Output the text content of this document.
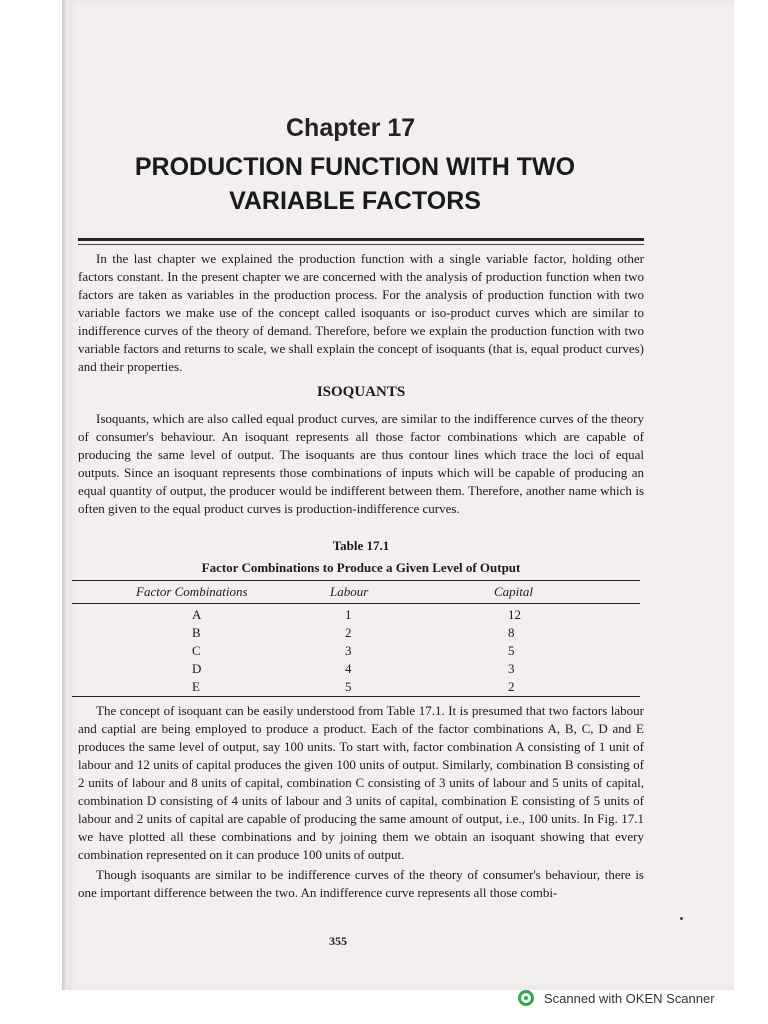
Chapter 17
PRODUCTION FUNCTION WITH TWO VARIABLE FACTORS

In the last chapter we explained the production function with a single variable factor, holding other factors constant. In the present chapter we are concerned with the analysis of production function when two factors are taken as variables in the production process. For the analysis of production function with two variable factors we make use of the concept called isoquants or iso-product curves which are similar to indifference curves of the theory of demand. Therefore, before we explain the production function with two variable factors and returns to scale, we shall explain the concept of isoquants (that is, equal product curves) and their properties.

ISOQUANTS

Isoquants, which are also called equal product curves, are similar to the indifference curves of the theory of consumer's behaviour. An isoquant represents all those factor combinations which are capable of producing the same level of output. The isoquants are thus contour lines which trace the loci of equal outputs. Since an isoquant represents those combinations of inputs which will be capable of producing an equal quantity of output, the producer would be indifferent between them. Therefore, another name which is often given to the equal product curves is production-indifference curves.

Table 17.1
Factor Combinations to Produce a Given Level of Output
Factor Combinations	Labour	Capital
A	1	12
B	2	8
C	3	5
D	4	3
E	5	2

The concept of isoquant can be easily understood from Table 17.1. It is presumed that two factors labour and captial are being employed to produce a product. Each of the factor combinations A, B, C, D and E produces the same level of output, say 100 units. To start with, factor combination A consisting of 1 unit of labour and 12 units of capital produces the given 100 units of output. Similarly, combination B consisting of 2 units of labour and 8 units of capital, combination C consisting of 3 units of labour and 5 units of capital, combination D consisting of 4 units of labour and 3 units of capital, combination E consisting of 5 units of labour and 2 units of capital are capable of producing the same amount of output, i.e., 100 units. In Fig. 17.1 we have plotted all these combinations and by joining them we obtain an isoquant showing that every combination represented on it can produce 100 units of output.

Though isoquants are similar to be indifference curves of the theory of consumer's behaviour, there is one important difference between the two. An indifference curve represents all those combi-

355
Scanned with OKEN Scanner
